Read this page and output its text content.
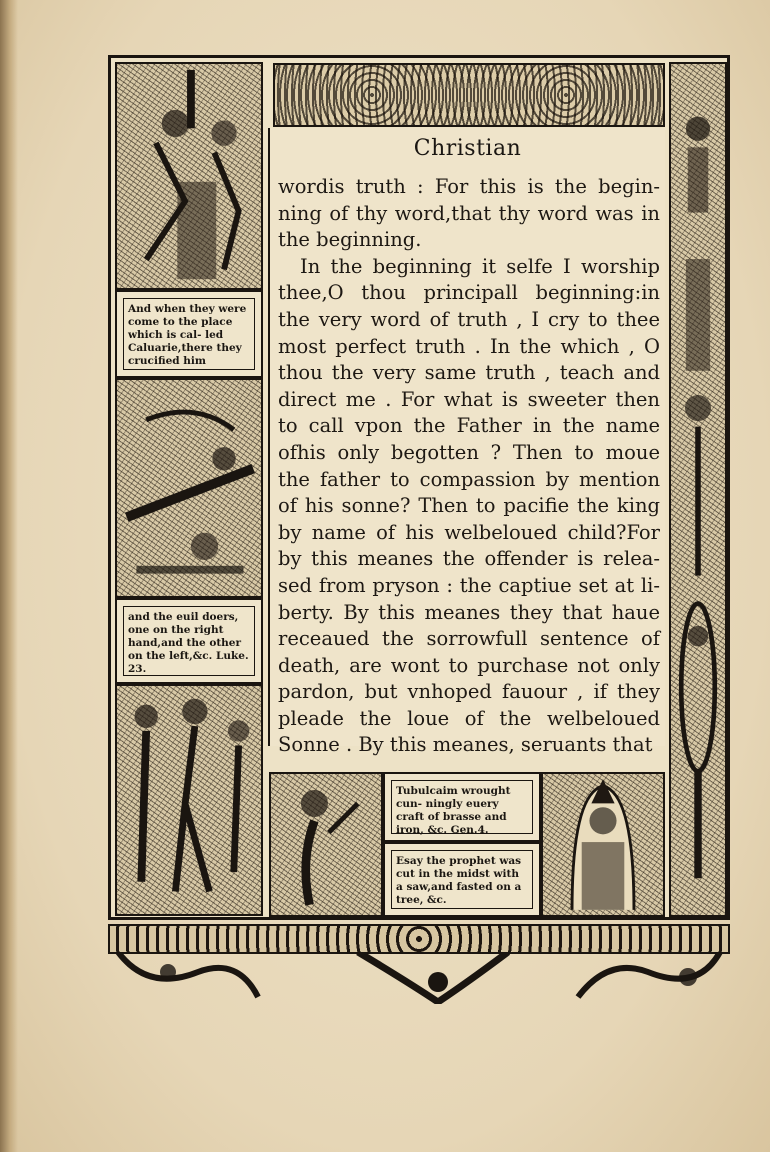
And when they were come to the place which is cal- led Caluarie,there they crucified him
and the euil doers, one on the right hand,and the other on the left,&c. Luke. 23.
Christian

wordis truth : For this is the begin- ning of thy word,that thy word was in the beginning.

In the beginning it selfe I worship thee,O thou principall beginning:in the very word of truth , I cry to thee most perfect truth . In the which , O thou the very same truth , teach and direct me . For what is sweeter then to call vpon the Father in the name ofhis only begotten ? Then to moue the father to compassion by mention of his sonne? Then to pacifie the king by name of his welbeloued child?For by this meanes the offender is relea- sed from pryson : the captiue set at li- berty. By this meanes they that haue receaued the sorrowfull sentence of death, are wont to purchase not only pardon, but vnhoped fauour , if they pleade the loue of the welbeloued Sonne . By this meanes, seruants that

Tubulcaim wrought cun- ningly euery craft of brasse and iron, &c. Gen.4.
Esay the prophet was cut in the midst with a saw,and fasted on a tree, &c.
